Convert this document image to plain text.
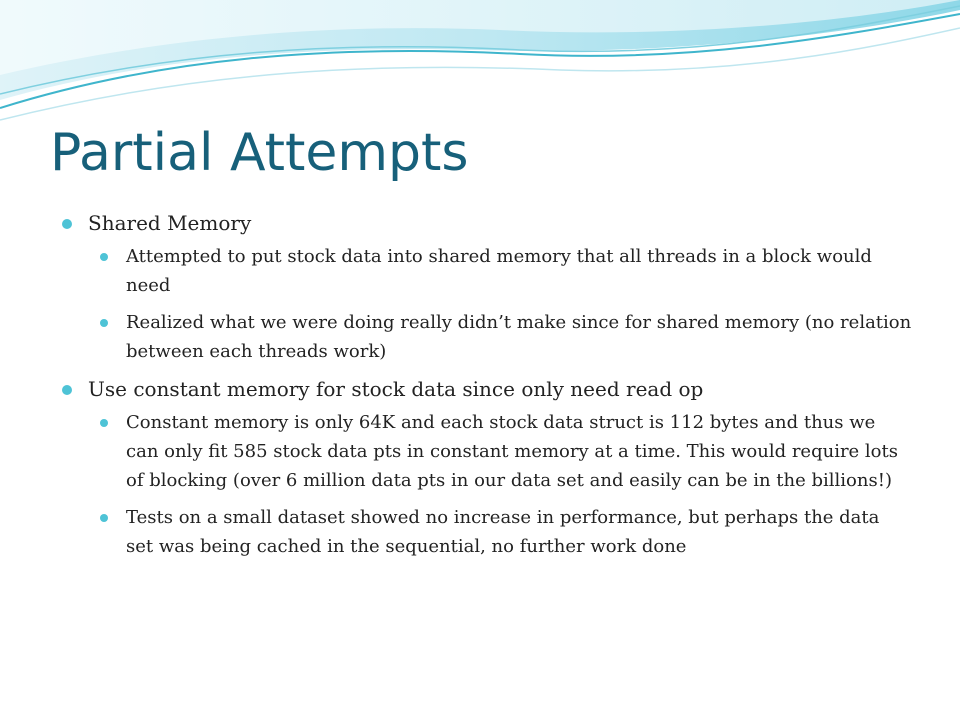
Partial Attempts
Shared Memory
Attempted to put stock data into shared memory that all threads in a block would need
Realized what we were doing really didn’t make since for shared memory (no relation between each threads work)
Use constant memory for stock data since only need read op
Constant memory is only 64K and each stock data struct is 112 bytes and thus we can only fit 585 stock data pts in constant memory at a time. This would require lots of blocking (over 6 million data pts in our data set and easily can be in the billions!)
Tests on a small dataset showed no increase in performance, but perhaps the data set was being cached in the sequential, no further work done
